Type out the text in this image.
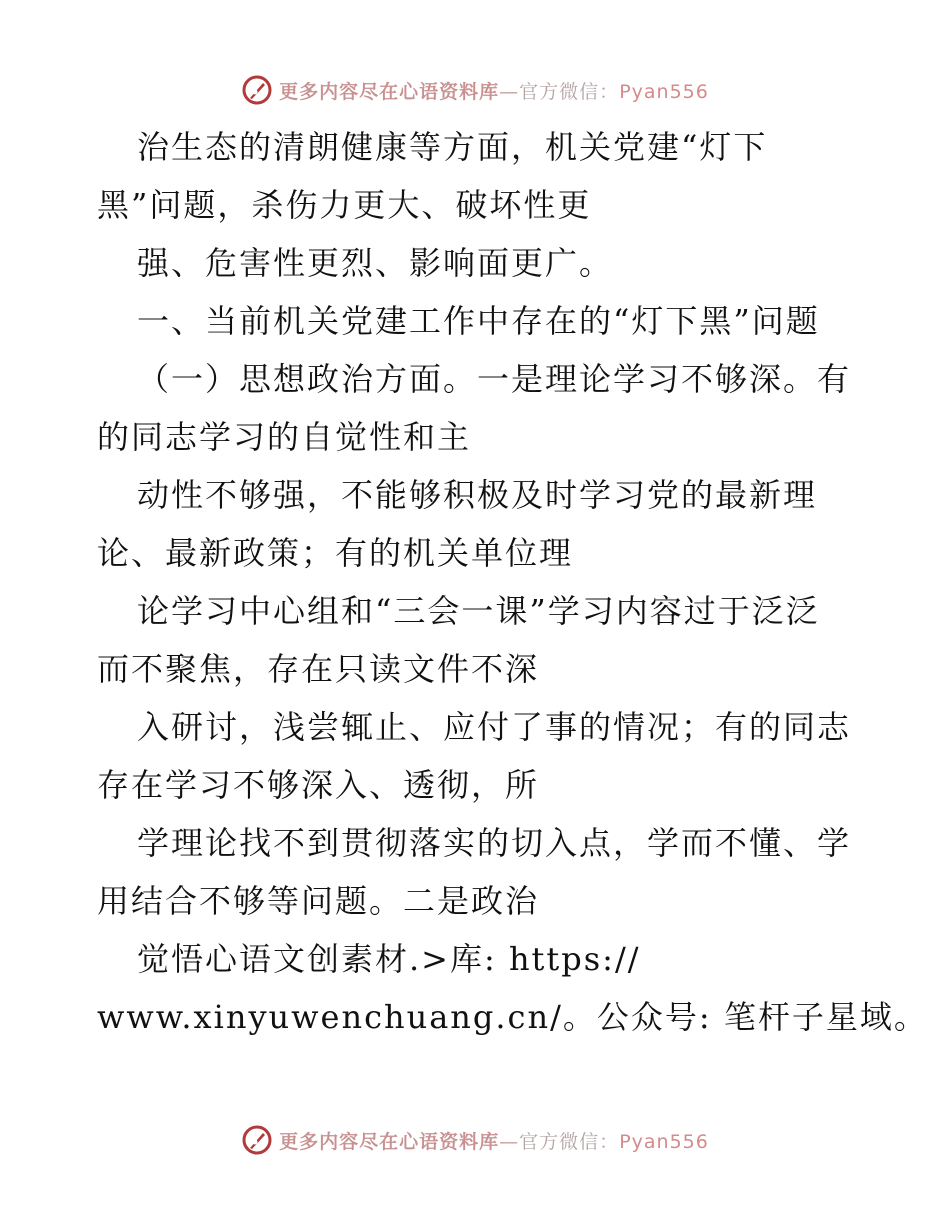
更多内容尽在心语资料库—官方微信：Pyan556
治生态的清朗健康等方面，机关党建“灯下
黑”问题，杀伤力更大、破坏性更
强、危害性更烈、影响面更广。
一、当前机关党建工作中存在的“灯下黑”问题
（一）思想政治方面。一是理论学习不够深。有
的同志学习的自觉性和主
动性不够强，不能够积极及时学习党的最新理
论、最新政策；有的机关单位理
论学习中心组和“三会一课”学习内容过于泛泛
而不聚焦，存在只读文件不深
入研讨，浅尝辄止、应付了事的情况；有的同志
存在学习不够深入、透彻，所
学理论找不到贯彻落实的切入点，学而不懂、学
用结合不够等问题。二是政治
觉悟心语文创素材.>库: https://
www.xinyuwenchuang.cn/。公众号: 笔杆子星域。
更多内容尽在心语资料库—官方微信：Pyan556
